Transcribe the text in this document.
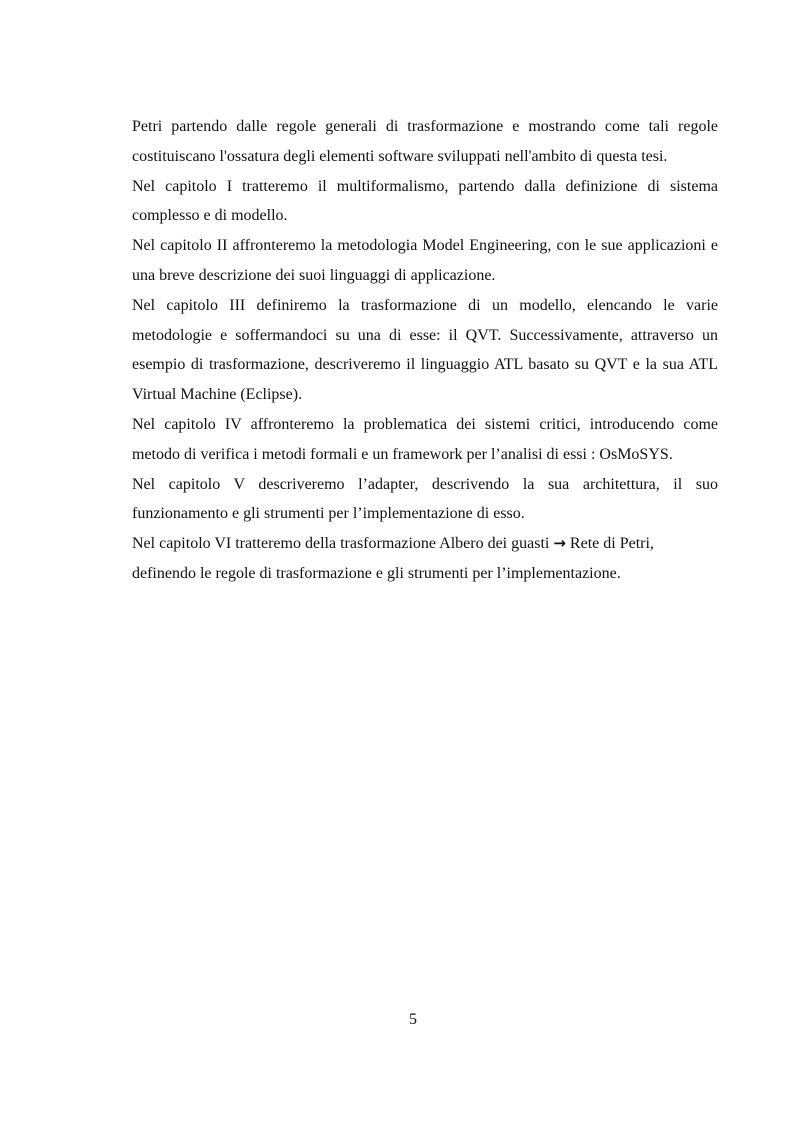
Petri partendo dalle regole generali di trasformazione e mostrando come tali regole costituiscano l'ossatura degli elementi software sviluppati nell'ambito di questa tesi.

Nel capitolo I tratteremo il multiformalismo, partendo dalla definizione di sistema complesso e di modello.

Nel capitolo II affronteremo la metodologia Model Engineering, con le sue applicazioni e una breve descrizione dei suoi linguaggi di applicazione.

Nel capitolo III definiremo la trasformazione di un modello, elencando le varie metodologie e soffermandoci su una di esse: il QVT. Successivamente, attraverso un esempio di trasformazione, descriveremo il linguaggio ATL basato su QVT e la sua ATL Virtual Machine (Eclipse).

Nel capitolo IV affronteremo la problematica dei sistemi critici, introducendo come metodo di verifica i metodi formali e un framework per l’analisi di essi : OsMoSYS.

Nel capitolo V descriveremo l’adapter, descrivendo la sua architettura, il suo funzionamento e gli strumenti per l’implementazione di esso.

Nel capitolo VI tratteremo della trasformazione Albero dei guasti → Rete di Petri, definendo le regole di trasformazione e gli strumenti per l’implementazione.

5
